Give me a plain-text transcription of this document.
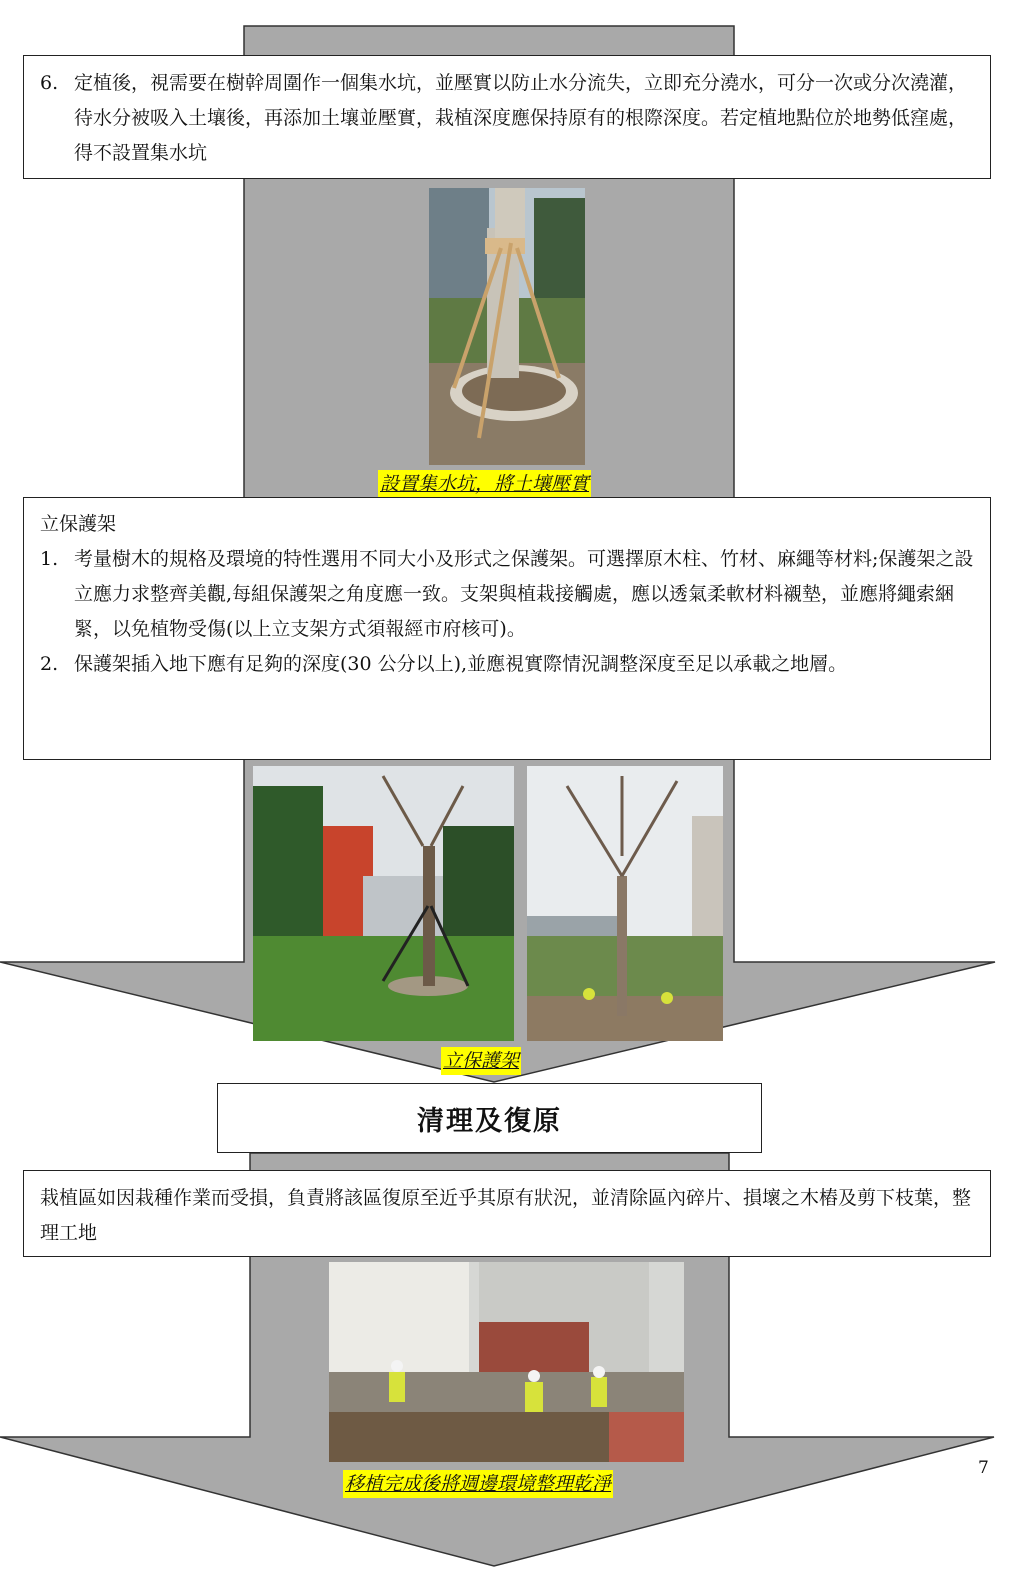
6. 定植後，視需要在樹幹周圍作一個集水坑，並壓實以防止水分流失，立即充分澆水，可分一次或分次澆灌，待水分被吸入土壤後，再添加土壤並壓實，栽植深度應保持原有的根際深度。若定植地點位於地勢低窪處，得不設置集水坑
設置集水坑，將土壤壓實

立保護架

1. 考量樹木的規格及環境的特性選用不同大小及形式之保護架。可選擇原木柱、竹材、麻繩等材料;保護架之設立應力求整齊美觀,每組保護架之角度應一致。支架與植栽接觸處，應以透氣柔軟材料襯墊，並應將繩索綑緊，以免植物受傷(以上立支架方式須報經市府核可)。
2. 保護架插入地下應有足夠的深度(30 公分以上),並應視實際情況調整深度至足以承載之地層。
立保護架
清理及復原

栽植區如因栽種作業而受損，負責將該區復原至近乎其原有狀況，並清除區內碎片、損壞之木樁及剪下枝葉，整理工地

移植完成後將週邊環境整理乾淨
7
